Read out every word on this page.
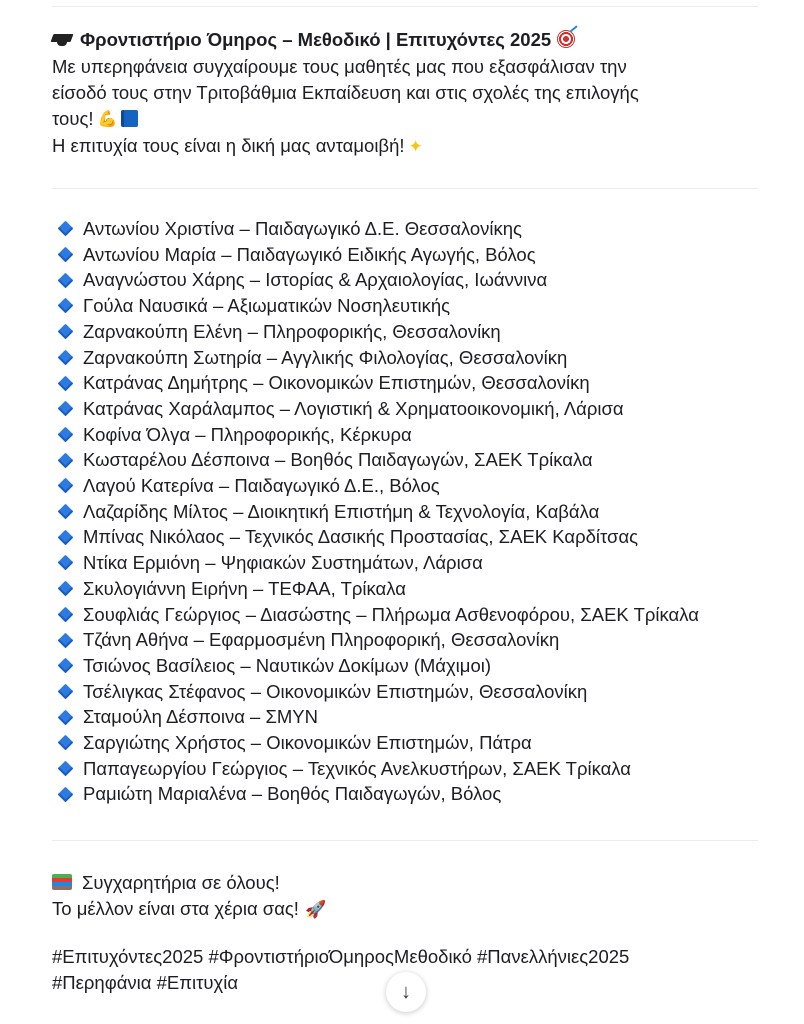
Φροντιστήριο Όμηρος – Μεθοδικό | Επιτυχόντες 2025
Με υπερηφάνεια συγχαίρουμε τους μαθητές μας που εξασφάλισαν την
είσοδό τους στην Τριτοβάθμια Εκπαίδευση και στις σχολές της επιλογής
τους! 💪
Η επιτυχία τους είναι η δική μας ανταμοιβή! ✦
Αντωνίου Χριστίνα – Παιδαγωγικό Δ.Ε. Θεσσαλονίκης
Αντωνίου Μαρία – Παιδαγωγικό Ειδικής Αγωγής, Βόλος
Αναγνώστου Χάρης – Ιστορίας & Αρχαιολογίας, Ιωάννινα
Γούλα Ναυσικά – Αξιωματικών Νοσηλευτικής
Ζαρνακούπη Ελένη – Πληροφορικής, Θεσσαλονίκη
Ζαρνακούπη Σωτηρία – Αγγλικής Φιλολογίας, Θεσσαλονίκη
Κατράνας Δημήτρης – Οικονομικών Επιστημών, Θεσσαλονίκη
Κατράνας Χαράλαμπος – Λογιστική & Χρηματοοικονομική, Λάρισα
Κοφίνα Όλγα – Πληροφορικής, Κέρκυρα
Κωσταρέλου Δέσποινα – Βοηθός Παιδαγωγών, ΣΑΕΚ Τρίκαλα
Λαγού Κατερίνα – Παιδαγωγικό Δ.Ε., Βόλος
Λαζαρίδης Μίλτος – Διοικητική Επιστήμη & Τεχνολογία, Καβάλα
Μπίνας Νικόλαος – Τεχνικός Δασικής Προστασίας, ΣΑΕΚ Καρδίτσας
Ντίκα Ερμιόνη – Ψηφιακών Συστημάτων, Λάρισα
Σκυλογιάννη Ειρήνη – ΤΕΦΑΑ, Τρίκαλα
Σουφλιάς Γεώργιος – Διασώστης – Πλήρωμα Ασθενοφόρου, ΣΑΕΚ Τρίκαλα
Τζάνη Αθήνα – Εφαρμοσμένη Πληροφορική, Θεσσαλονίκη
Τσιώνος Βασίλειος – Ναυτικών Δοκίμων (Μάχιμοι)
Τσέλιγκας Στέφανος – Οικονομικών Επιστημών, Θεσσαλονίκη
Σταμούλη Δέσποινα – ΣΜΥΝ
Σαργιώτης Χρήστος – Οικονομικών Επιστημών, Πάτρα
Παπαγεωργίου Γεώργιος – Τεχνικός Ανελκυστήρων, ΣΑΕΚ Τρίκαλα
Ραμιώτη Μαριαλένα – Βοηθός Παιδαγωγών, Βόλος
Συγχαρητήρια σε όλους!
Το μέλλον είναι στα χέρια σας! 🚀
#Επιτυχόντες2025 #ΦροντιστήριοΌμηροςΜεθοδικό #Πανελλήνιες2025
#Περηφάνια #Επιτυχία	↓
